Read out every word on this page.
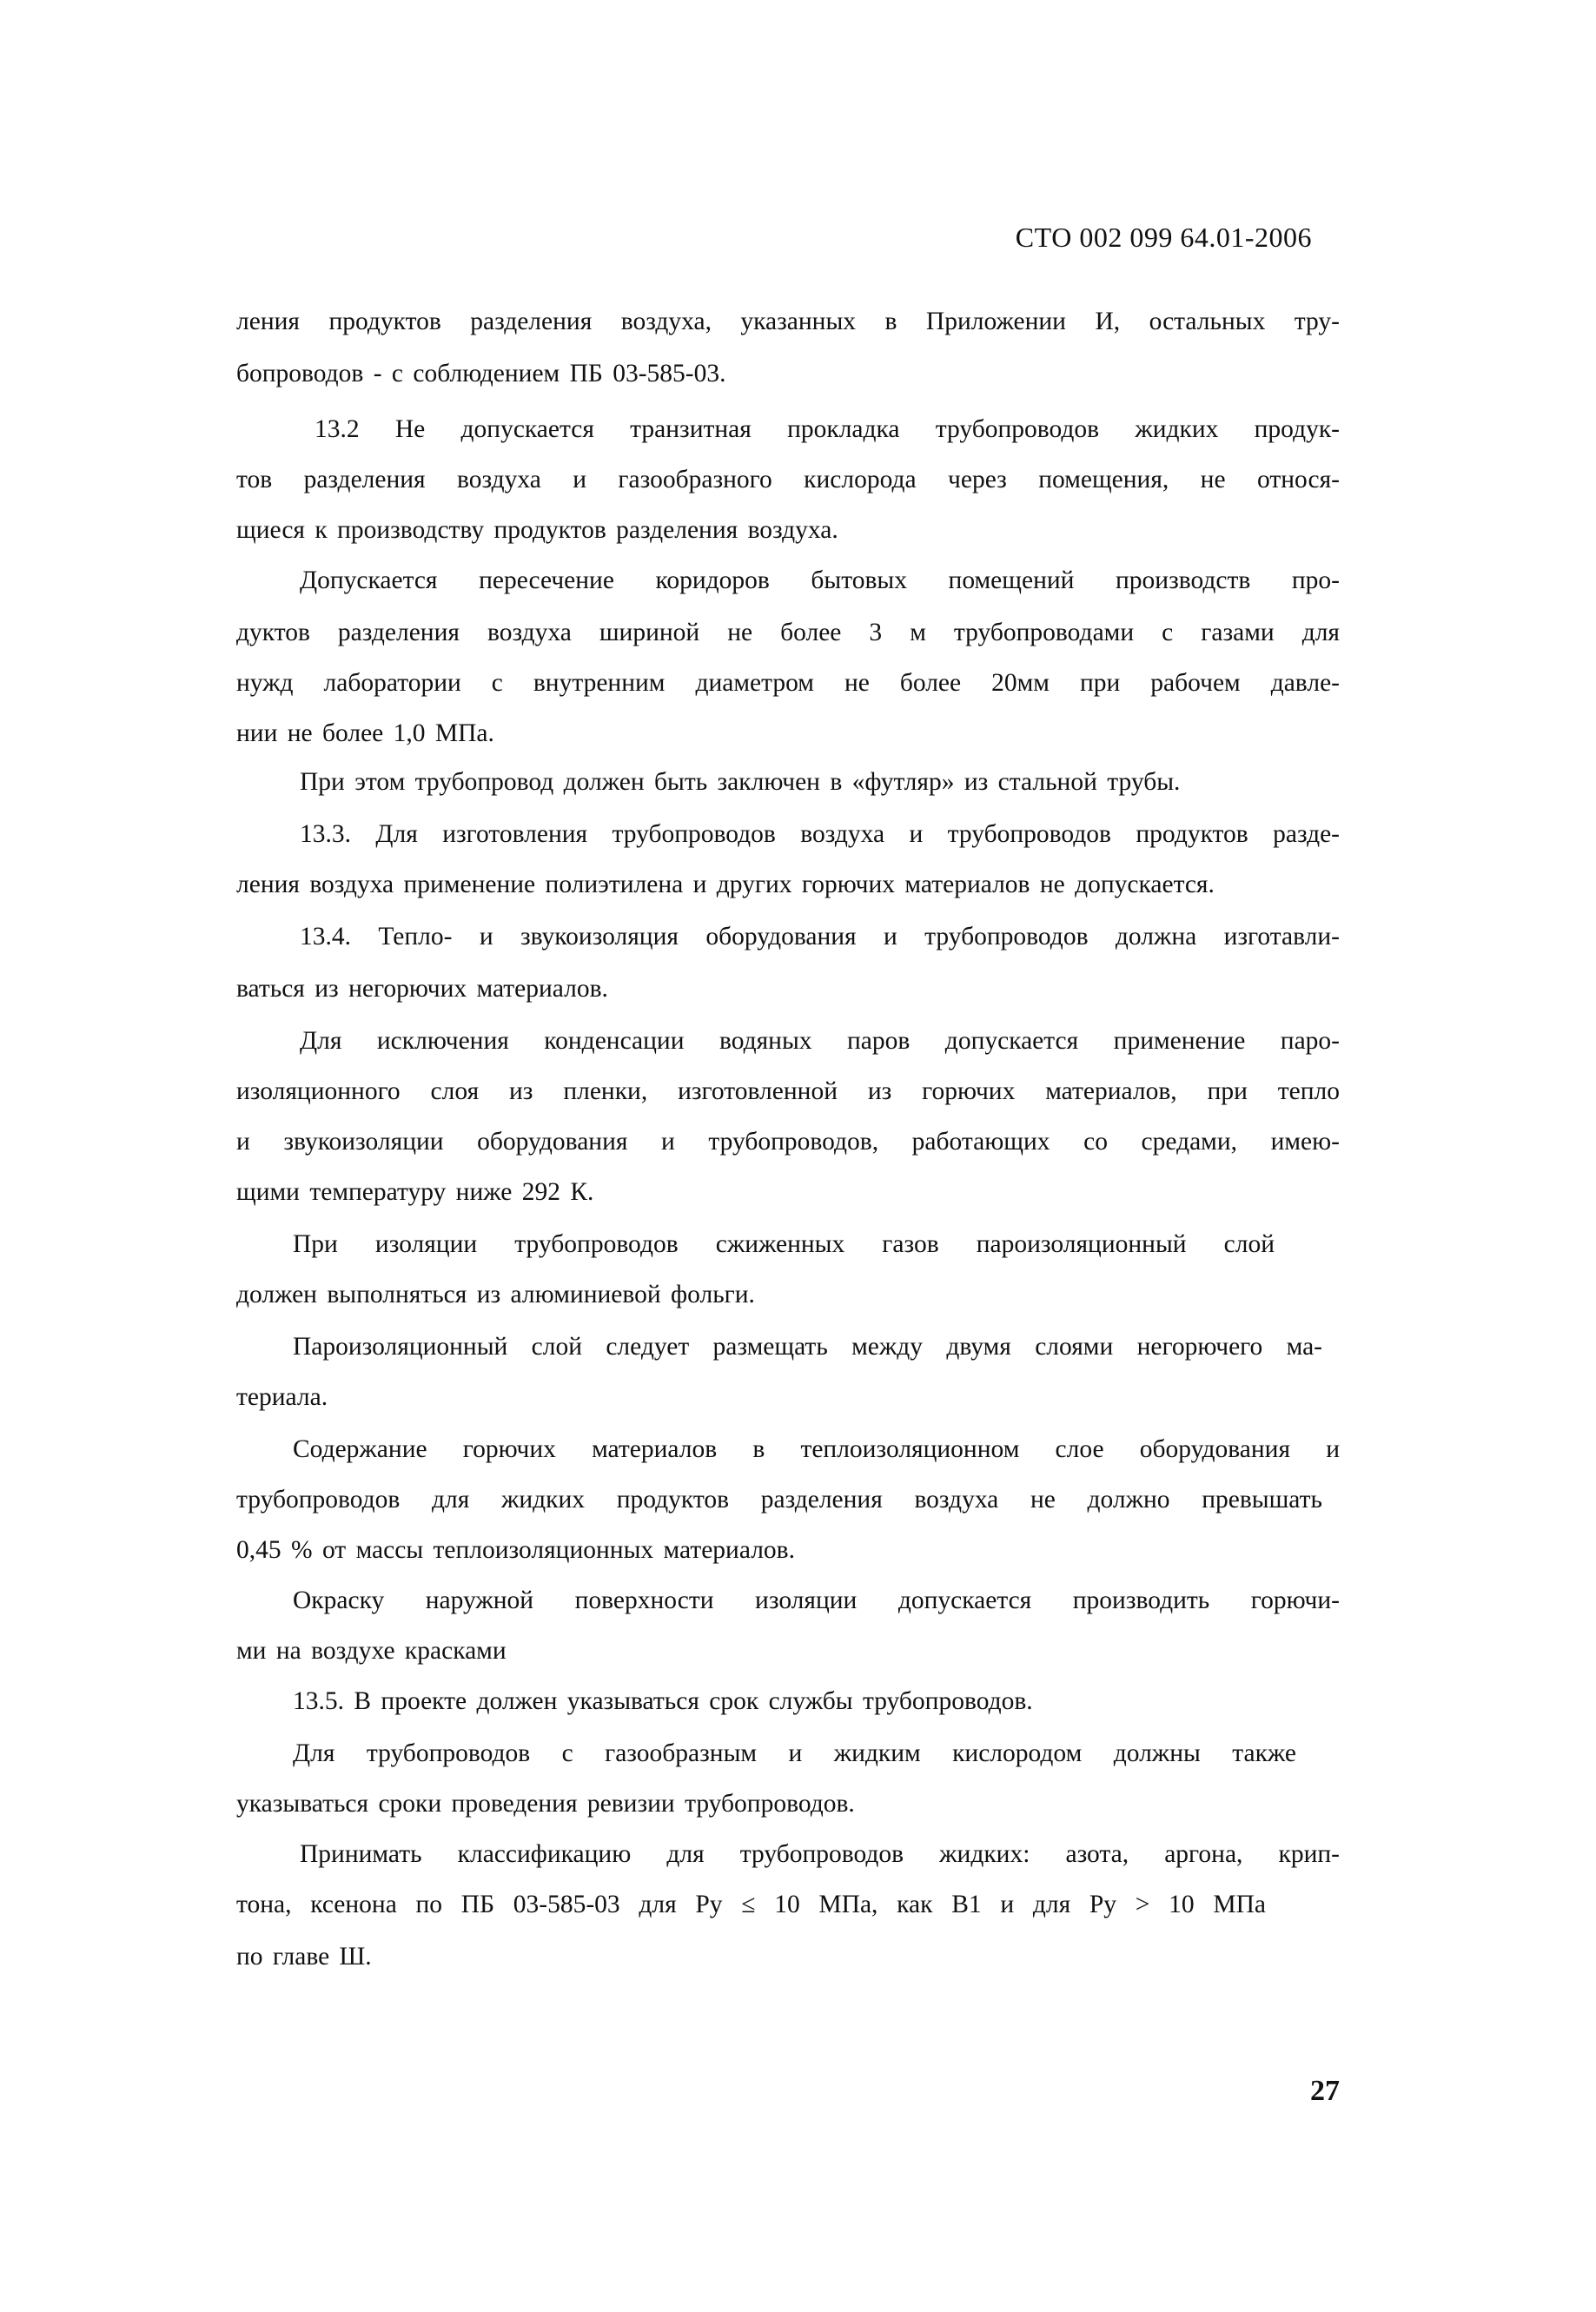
СТО 002 099 64.01-2006
ления продуктов разделения воздуха, указанных в Приложении И, остальных тру-
бопроводов - с соблюдением ПБ 03-585-03.
13.2 Не допускается транзитная прокладка трубопроводов жидких продук-
тов разделения воздуха и газообразного кислорода через помещения, не относя-
щиеся к производству продуктов разделения воздуха.
Допускается пересечение коридоров бытовых помещений производств про-
дуктов разделения воздуха шириной не более 3 м трубопроводами с газами для
нужд лаборатории с внутренним диаметром не более 20мм при рабочем давле-
нии не более 1,0 МПа.
При этом трубопровод должен быть заключен в «футляр» из стальной трубы.
13.3. Для изготовления трубопроводов воздуха и трубопроводов продуктов разде-
ления воздуха применение полиэтилена и других горючих материалов не допускается.
13.4. Тепло- и звукоизоляция оборудования и трубопроводов должна изготавли-
ваться из негорючих материалов.
Для исключения конденсации водяных паров допускается применение паро-
изоляционного слоя из пленки, изготовленной из горючих материалов, при тепло
и звукоизоляции оборудования и трубопроводов, работающих со средами, имею-
щими температуру ниже 292 К.
При изоляции трубопроводов сжиженных газов пароизоляционный слой
должен выполняться из алюминиевой фольги.
Пароизоляционный слой следует размещать между двумя слоями негорючего ма-
териала.
Содержание горючих материалов в теплоизоляционном слое оборудования и
трубопроводов для жидких продуктов разделения воздуха не должно превышать
0,45 % от массы теплоизоляционных материалов.
Окраску наружной поверхности изоляции допускается производить горючи-
ми на воздухе красками
13.5. В проекте должен указываться срок службы трубопроводов.
Для трубопроводов с газообразным и жидким кислородом должны также
указываться сроки проведения ревизии трубопроводов.
Принимать классификацию для трубопроводов жидких: азота, аргона, крип-
тона, ксенона по ПБ 03-585-03 для Ру ≤ 10 МПа, как В1 и для Ру > 10 МПа
по главе Ш.
27
